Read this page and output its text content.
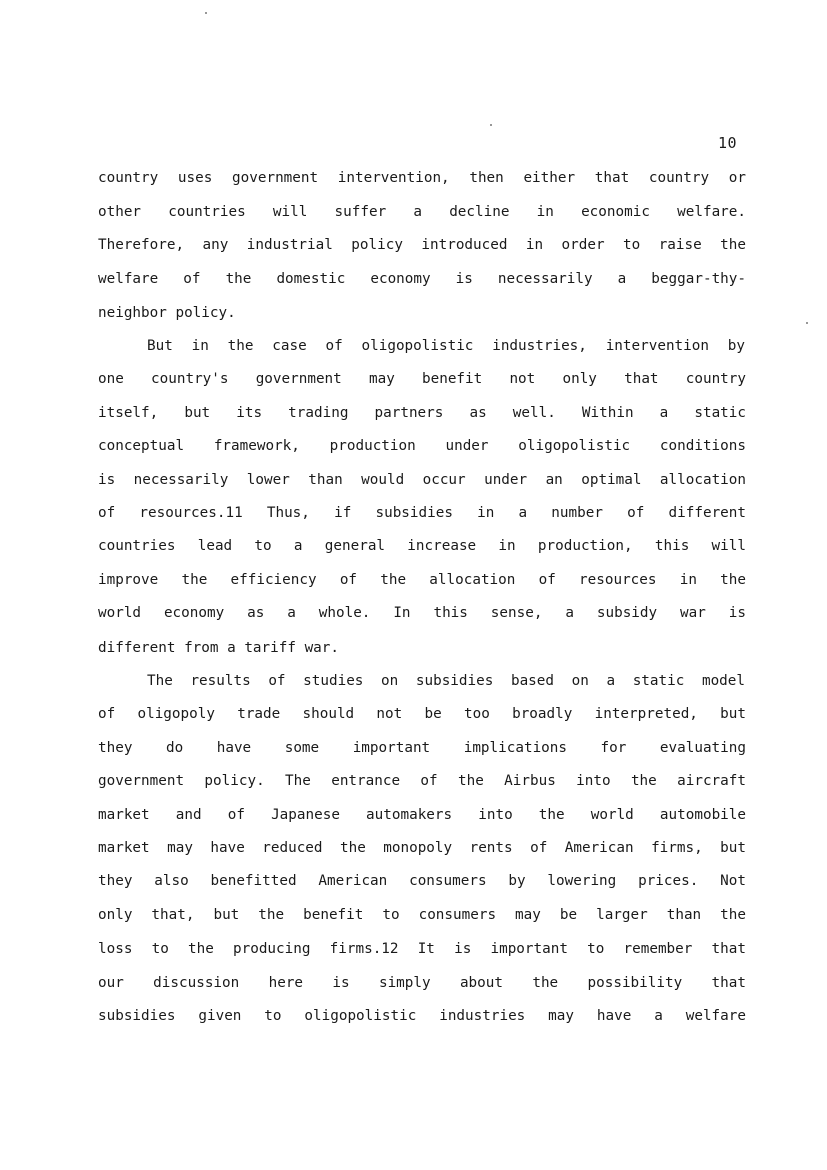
10
country uses government intervention, then either that country or
other countries will suffer a decline in economic welfare.
Therefore, any industrial policy introduced in order to raise the
welfare of the domestic economy is necessarily a beggar-thy-
neighbor policy.
But in the case of oligopolistic industries, intervention by
one country's government may benefit not only that country
itself, but its trading partners as well. Within a static
conceptual framework, production under oligopolistic conditions
is necessarily lower than would occur under an optimal allocation
of resources.11 Thus, if subsidies in a number of different
countries lead to a general increase in production, this will
improve the efficiency of the allocation of resources in the
world economy as a whole. In this sense, a subsidy war is
different from a tariff war.
The results of studies on subsidies based on a static model
of oligopoly trade should not be too broadly interpreted, but
they do have some important implications for evaluating
government policy. The entrance of the Airbus into the aircraft
market and of Japanese automakers into the world automobile
market may have reduced the monopoly rents of American firms, but
they also benefitted American consumers by lowering prices. Not
only that, but the benefit to consumers may be larger than the
loss to the producing firms.12 It is important to remember that
our discussion here is simply about the possibility that
subsidies given to oligopolistic industries may have a welfare
